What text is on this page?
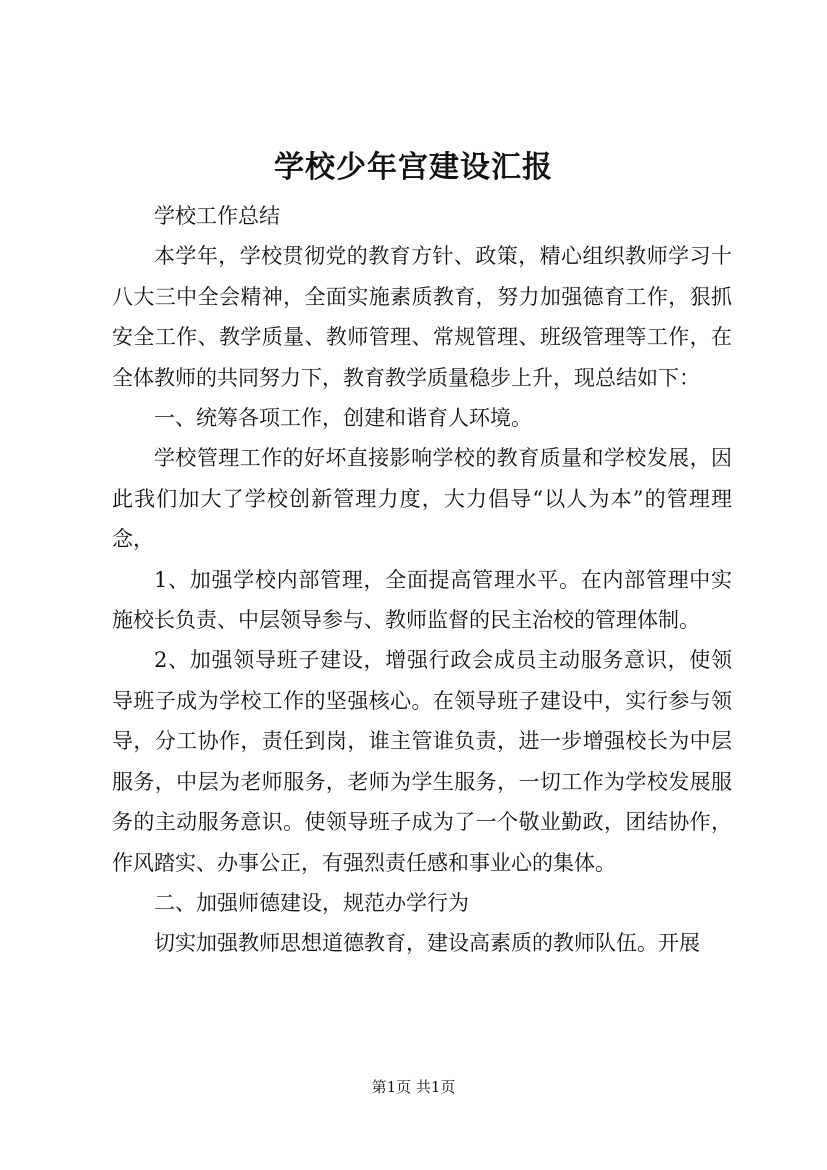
学校少年宫建设汇报

学校工作总结

本学年，学校贯彻党的教育方针、政策，精心组织教师学习十八大三中全会精神，全面实施素质教育，努力加强德育工作，狠抓安全工作、教学质量、教师管理、常规管理、班级管理等工作，在全体教师的共同努力下，教育教学质量稳步上升，现总结如下：

一、统筹各项工作，创建和谐育人环境。

学校管理工作的好坏直接影响学校的教育质量和学校发展，因此我们加大了学校创新管理力度，大力倡导“以人为本”的管理理念，

1、加强学校内部管理，全面提高管理水平。在内部管理中实施校长负责、中层领导参与、教师监督的民主治校的管理体制。

2、加强领导班子建设，增强行政会成员主动服务意识，使领导班子成为学校工作的坚强核心。在领导班子建设中，实行参与领导，分工协作，责任到岗，谁主管谁负责，进一步增强校长为中层服务，中层为老师服务，老师为学生服务，一切工作为学校发展服务的主动服务意识。使领导班子成为了一个敬业勤政，团结协作，作风踏实、办事公正，有强烈责任感和事业心的集体。

二、加强师德建设，规范办学行为

切实加强教师思想道德教育，建设高素质的教师队伍。开展

第1页 共1页
